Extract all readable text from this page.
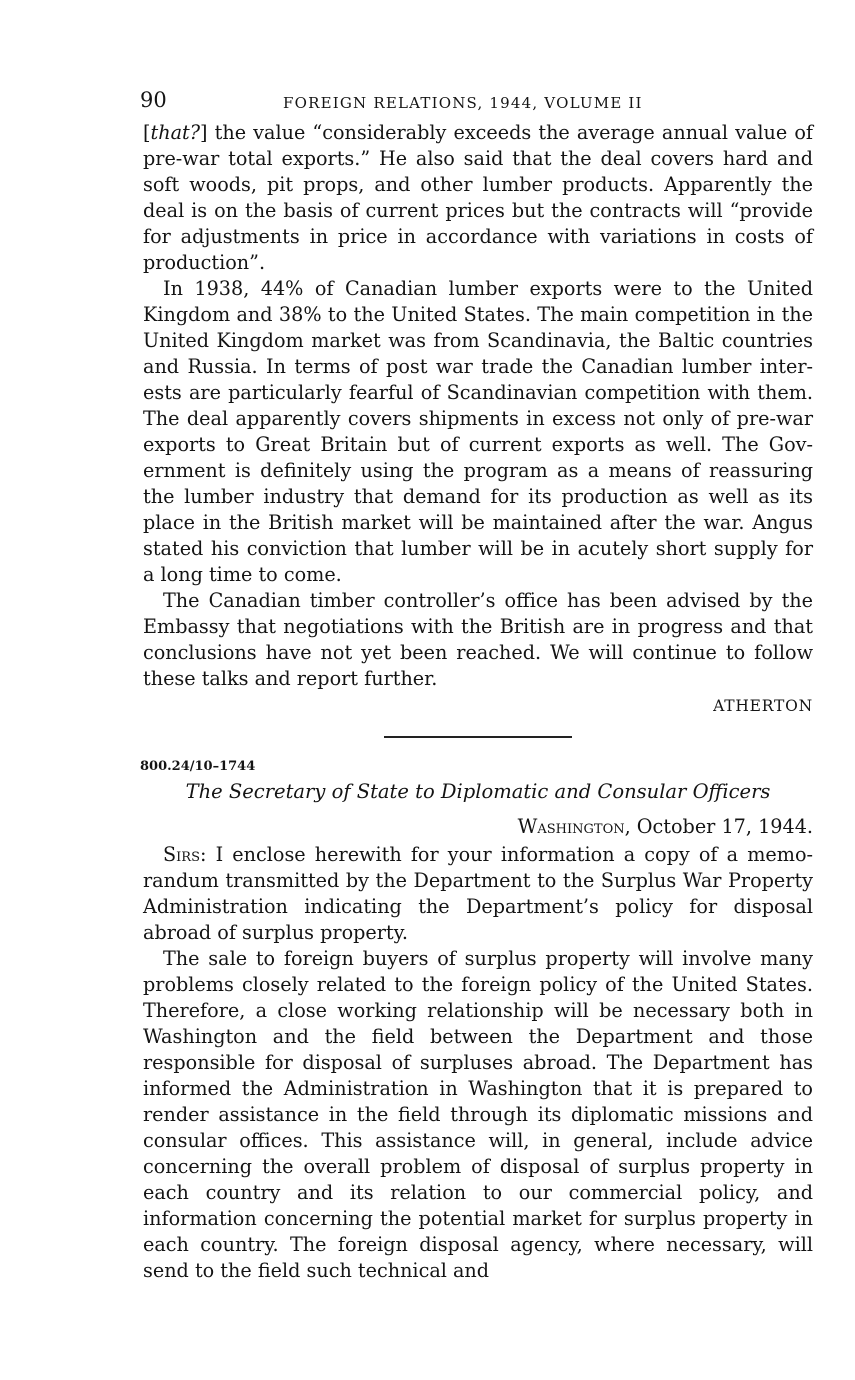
90	FOREIGN RELATIONS, 1944, VOLUME II

[that?] the value “considerably exceeds the average annual value of pre-war total exports.” He also said that the deal covers hard and soft woods, pit props, and other lumber products. Apparently the deal is on the basis of current prices but the contracts will “provide for adjustments in price in accordance with variations in costs of production”.

In 1938, 44% of Canadian lumber exports were to the United Kingdom and 38% to the United States. The main competition in the United Kingdom market was from Scandinavia, the Baltic countries and Russia. In terms of post war trade the Canadian lumber interests are particularly fearful of Scandinavian competition with them. The deal apparently covers shipments in excess not only of pre-war exports to Great Britain but of current exports as well. The Government is definitely using the program as a means of reassuring the lumber industry that demand for its production as well as its place in the British market will be maintained after the war. Angus stated his conviction that lumber will be in acutely short supply for a long time to come.

The Canadian timber controller’s office has been advised by the Embassy that negotiations with the British are in progress and that conclusions have not yet been reached. We will continue to follow these talks and report further.

ATHERTON
800.24/10–1744
The Secretary of State to Diplomatic and Consular Officers
Washington, October 17, 1944.

Sirs: I enclose herewith for your information a copy of a memorandum transmitted by the Department to the Surplus War Property Administration indicating the Department’s policy for disposal abroad of surplus property.

The sale to foreign buyers of surplus property will involve many problems closely related to the foreign policy of the United States. Therefore, a close working relationship will be necessary both in Washington and the field between the Department and those responsible for disposal of surpluses abroad. The Department has informed the Administration in Washington that it is prepared to render assistance in the field through its diplomatic missions and consular offices. This assistance will, in general, include advice concerning the overall problem of disposal of surplus property in each country and its relation to our commercial policy, and information concerning the potential market for surplus property in each country. The foreign disposal agency, where necessary, will send to the field such technical and
